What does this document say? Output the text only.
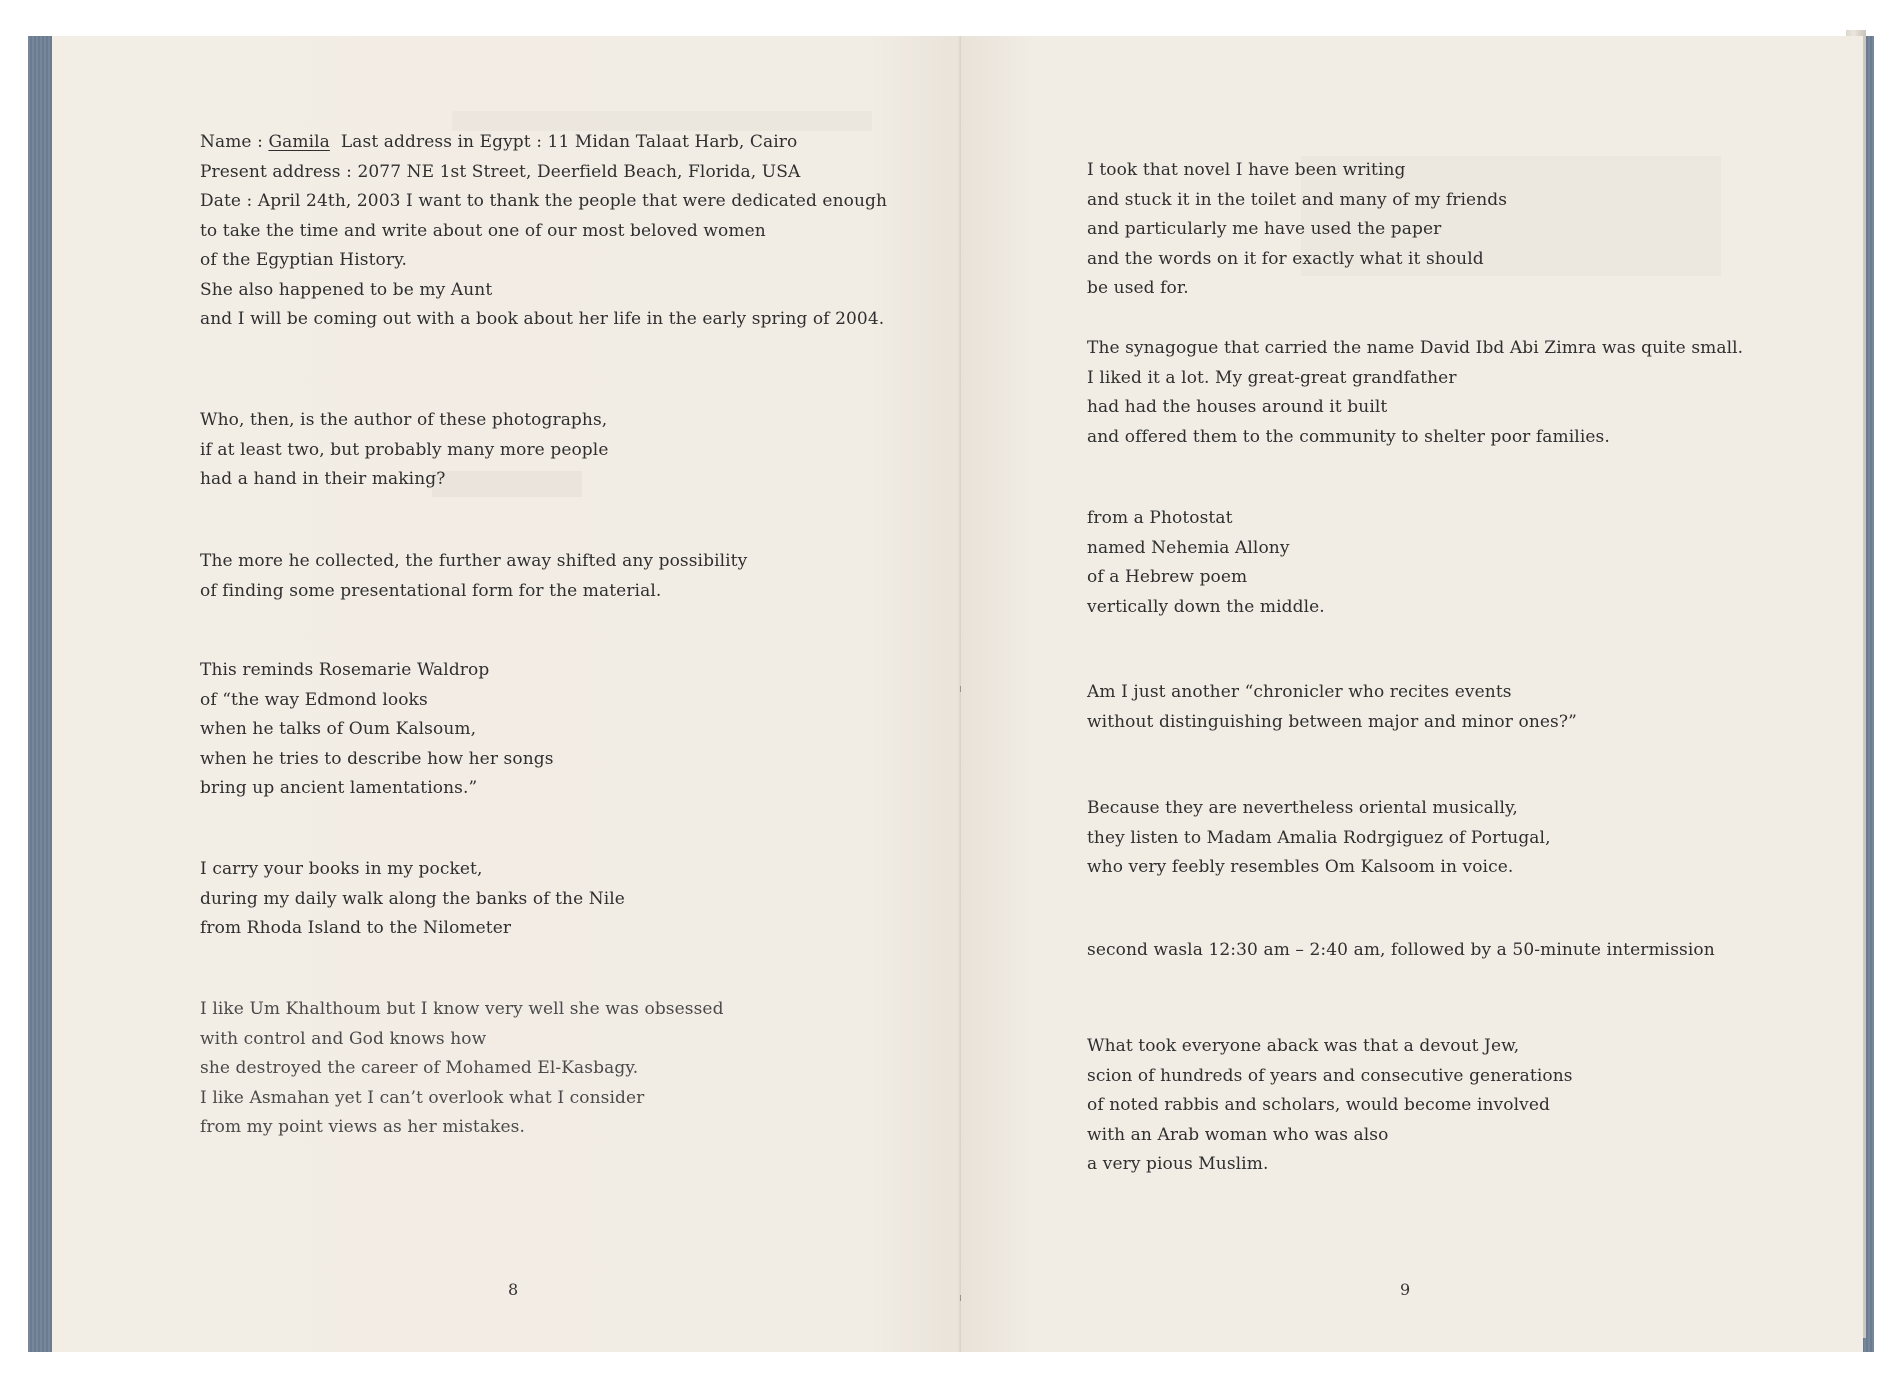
Name : Gamila  Last address in Egypt : 11 Midan Talaat Harb, Cairo
Present address : 2077 NE 1st Street, Deerfield Beach, Florida, USA
Date : April 24th, 2003 I want to thank the people that were dedicated enough
to take the time and write about one of our most beloved women
of the Egyptian History.
She also happened to be my Aunt
and I will be coming out with a book about her life in the early spring of 2004.

Who, then, is the author of these photographs,
if at least two, but probably many more people
had a hand in their making?

The more he collected, the further away shifted any possibility
of finding some presentational form for the material.

This reminds Rosemarie Waldrop
of “the way Edmond looks
when he talks of Oum Kalsoum,
when he tries to describe how her songs
bring up ancient lamentations.”

I carry your books in my pocket,
during my daily walk along the banks of the Nile
from Rhoda Island to the Nilometer

I like Um Khalthoum but I know very well she was obsessed
with control and God knows how
she destroyed the career of Mohamed El-Kasbagy.
I like Asmahan yet I can’t overlook what I consider
from my point views as her mistakes.

8

I took that novel I have been writing
and stuck it in the toilet and many of my friends
and particularly me have used the paper
and the words on it for exactly what it should
be used for.

The synagogue that carried the name David Ibd Abi Zimra was quite small.
I liked it a lot. My great-great grandfather
had had the houses around it built
and offered them to the community to shelter poor families.

from a Photostat
named Nehemia Allony
of a Hebrew poem
vertically down the middle.

Am I just another “chronicler who recites events
without distinguishing between major and minor ones?”

Because they are nevertheless oriental musically,
they listen to Madam Amalia Rodrgiguez of Portugal,
who very feebly resembles Om Kalsoom in voice.

second wasla 12:30 am – 2:40 am, followed by a 50-minute intermission

What took everyone aback was that a devout Jew,
scion of hundreds of years and consecutive generations
of noted rabbis and scholars, would become involved
with an Arab woman who was also
a very pious Muslim.

9
